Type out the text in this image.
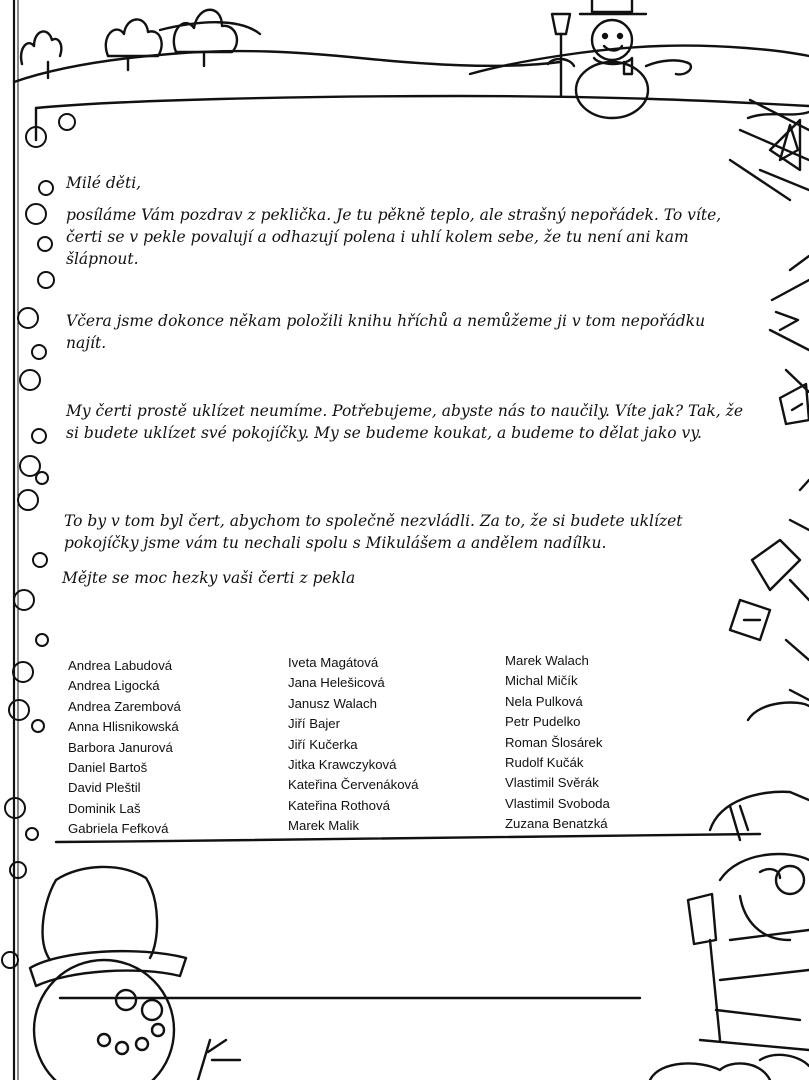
Milé děti,

posíláme Vám pozdrav z peklička. Je tu pěkně teplo, ale strašný nepořádek. To víte, čerti se v pekle povalují a odhazují polena i uhlí kolem sebe, že tu není ani kam šlápnout.

Včera jsme dokonce někam položili knihu hříchů a nemůžeme ji v tom nepořádku najít.

My čerti prostě uklízet neumíme. Potřebujeme, abyste nás to naučily. Víte jak? Tak, že si budete uklízet své pokojíčky. My se budeme koukat, a budeme to dělat jako vy.

To by v tom byl čert, abychom to společně nezvládli. Za to, že si budete uklízet pokojíčky jsme vám tu nechali spolu s Mikulášem a andělem nadílku.

Mějte se moc hezky vaši čerti z pekla

Andrea Labudová
Andrea Ligocká
Andrea Zarembová
Anna Hlisnikowská
Barbora Janurová
Daniel Bartoš
David Pleštil
Dominik Laš
Gabriela Fefková
Iveta Magátová
Jana Helešicová
Janusz Walach
Jiří Bajer
Jiří Kučerka
Jitka Krawczyková
Kateřina Červenáková
Kateřina Rothová
Marek Malik
Marek Walach
Michal Mičík
Nela Pulková
Petr Pudelko
Roman Šlosárek
Rudolf Kučák
Vlastimil Svěrák
Vlastimil Svoboda
Zuzana Benatzká
